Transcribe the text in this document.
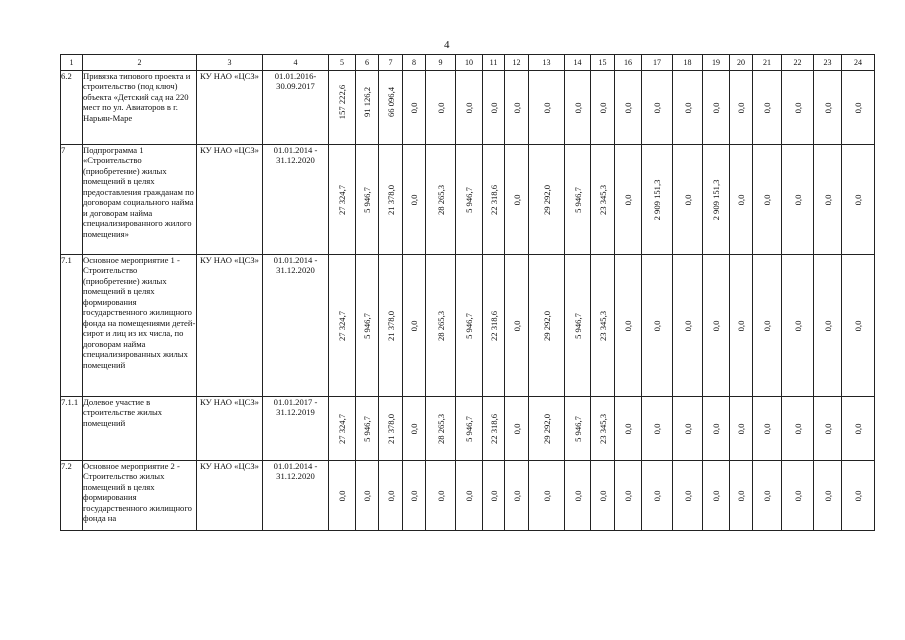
4
1	2	3	4	5	6	7	8	9	10	11	12	13	14	15	16	17	18	19	20	21	22	23	24
6.2	Привязка типового проекта и строительство (под ключ) объекта «Детский сад на 220 мест по ул. Авиаторов в г. Нарьян-Маре	КУ НАО «ЦСЗ»	01.01.2016-30.09.2017	157 222,6	91 126,2	66 096,4	0,0	0,0	0,0	0,0	0,0	0,0	0,0	0,0	0,0	0,0	0,0	0,0	0,0	0,0	0,0	0,0	0,0

7	Подпрограмма 1 «Строительство (приобретение) жилых помещений в целях предоставления гражданам по договорам социального найма и договорам найма специализированного жилого помещения»	КУ НАО «ЦСЗ»	01.01.2014 - 31.12.2020	27 324,7	5 946,7	21 378,0	0,0	28 265,3	5 946,7	22 318,6	0,0	29 292,0	5 946,7	23 345,3	0,0	2 909 151,3	0,0	2 909 151,3	0,0	0,0	0,0	0,0	0,0

7.1	Основное мероприятие 1 - Строительство (приобретение) жилых помещений в целях формирования государственного жилищного фонда на помещениями детей-сирот и лиц из их числа, по договорам найма специализированных жилых помещений	КУ НАО «ЦСЗ»	01.01.2014 - 31.12.2020	27 324,7	5 946,7	21 378,0	0,0	28 265,3	5 946,7	22 318,6	0,0	29 292,0	5 946,7	23 345,3	0,0	0,0	0,0	0,0	0,0	0,0	0,0	0,0	0,0

7.1.1	Долевое участие в строительстве жилых помещений	КУ НАО «ЦСЗ»	01.01.2017 - 31.12.2019	27 324,7	5 946,7	21 378,0	0,0	28 265,3	5 946,7	22 318,6	0,0	29 292,0	5 946,7	23 345,3	0,0	0,0	0,0	0,0	0,0	0,0	0,0	0,0	0,0

7.2	Основное мероприятие 2 - Строительство жилых помещений в целях формирования государственного жилищного фонда на	КУ НАО «ЦСЗ»	01.01.2014 - 31.12.2020	0,0	0,0	0,0	0,0	0,0	0,0	0,0	0,0	0,0	0,0	0,0	0,0	0,0	0,0	0,0	0,0	0,0	0,0	0,0	0,0
